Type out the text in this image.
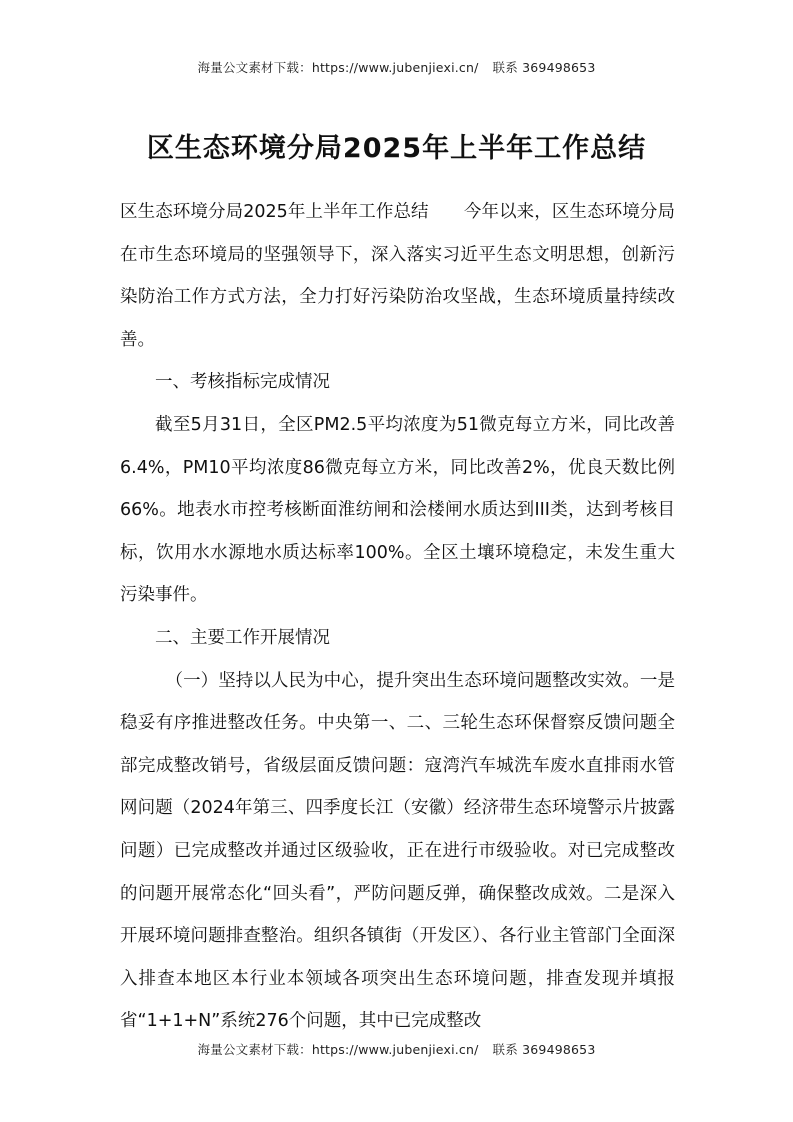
海量公文素材下载：https://www.jubenjiexi.cn/ 联系 369498653
区生态环境分局2025年上半年工作总结

区生态环境分局2025年上半年工作总结　　今年以来，区生态环境分局在市生态环境局的坚强领导下，深入落实习近平生态文明思想，创新污染防治工作方式方法，全力打好污染防治攻坚战，生态环境质量持续改善。

一、考核指标完成情况

截至5月31日，全区PM2.5平均浓度为51微克每立方米，同比改善6.4%，PM10平均浓度86微克每立方米，同比改善2%，优良天数比例66%。地表水市控考核断面淮纺闸和浍楼闸水质达到III类，达到考核目标，饮用水水源地水质达标率100%。全区土壤环境稳定，未发生重大污染事件。

二、主要工作开展情况

（一）坚持以人民为中心，提升突出生态环境问题整改实效。一是稳妥有序推进整改任务。中央第一、二、三轮生态环保督察反馈问题全部完成整改销号，省级层面反馈问题：寇湾汽车城洗车废水直排雨水管网问题（2024年第三、四季度长江（安徽）经济带生态环境警示片披露问题）已完成整改并通过区级验收，正在进行市级验收。对已完成整改的问题开展常态化“回头看”，严防问题反弹，确保整改成效。二是深入开展环境问题排查整治。组织各镇街（开发区）、各行业主管部门全面深入排查本地区本行业本领域各项突出生态环境问题，排查发现并填报省“1+1+N”系统276个问题，其中已完成整改

海量公文素材下载：https://www.jubenjiexi.cn/ 联系 369498653
